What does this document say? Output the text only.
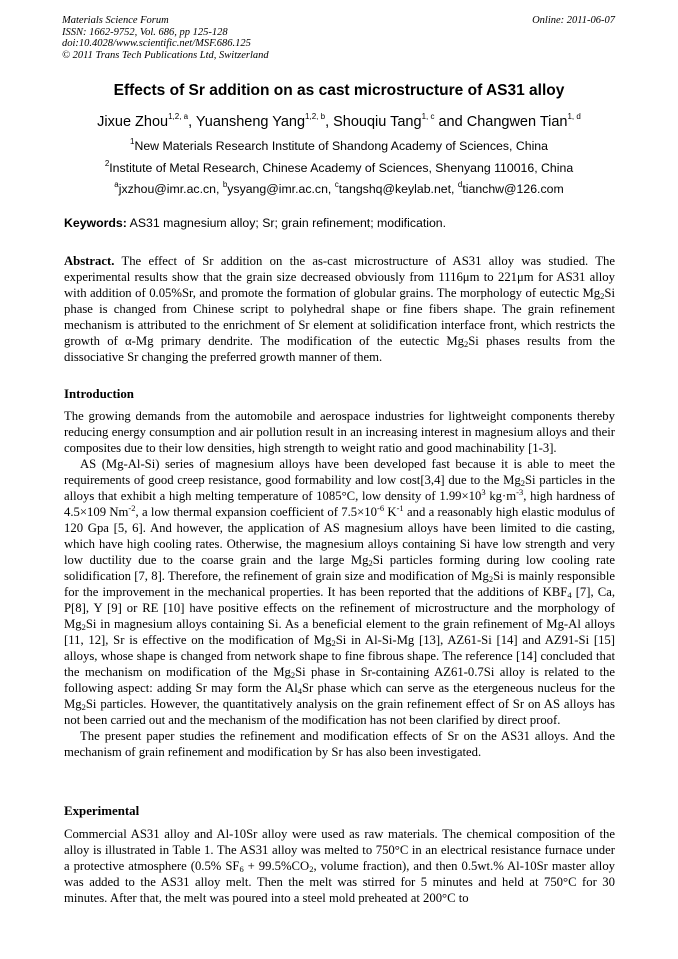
Materials Science Forum
ISSN: 1662-9752, Vol. 686, pp 125-128
doi:10.4028/www.scientific.net/MSF.686.125
© 2011 Trans Tech Publications Ltd, Switzerland
Online: 2011-06-07
Effects of Sr addition on as cast microstructure of AS31 alloy
Jixue Zhou$^{1,2, a}$, Yuansheng Yang$^{1,2, b}$, Shouqiu Tang$^{1, c}$ and Changwen Tian$^{1, d}$
$^1$New Materials Research Institute of Shandong Academy of Sciences, China
$^2$Institute of Metal Research, Chinese Academy of Sciences, Shenyang 110016, China
$^a$jxzhou@imr.ac.cn, $^b$ysyang@imr.ac.cn, $^c$tangshq@keylab.net, $^d$tianchw@126.com
Keywords: AS31 magnesium alloy; Sr; grain refinement; modification.
Abstract. The effect of Sr addition on the as-cast microstructure of AS31 alloy was studied. The experimental results show that the grain size decreased obviously from 1116μm to 221μm for AS31 alloy with addition of 0.05%Sr, and promote the formation of globular grains. The morphology of eutectic $Mg_2Si$ phase is changed from Chinese script to polyhedral shape or fine fibers shape. The grain refinement mechanism is attributed to the enrichment of Sr element at solidification interface front, which restricts the growth of α-Mg primary dendrite. The modification of the eutectic $Mg_2Si$ phases results from the dissociative Sr changing the preferred growth manner of them.
Introduction

The growing demands from the automobile and aerospace industries for lightweight components thereby reducing energy consumption and air pollution result in an increasing interest in magnesium alloys and their composites due to their low densities, high strength to weight ratio and good machinability [1-3].

AS (Mg-Al-Si) series of magnesium alloys have been developed fast because it is able to meet the requirements of good creep resistance, good formability and low cost[3,4] due to the $Mg_2Si$ particles in the alloys that exhibit a high melting temperature of 1085°C, low density of $1.99\times 10^3$ $kg\cdot m^{-3}$, high hardness of 4.5×109 $Nm^{-2}$, a low thermal expansion coefficient of $7.5\times 10^{-6}$ $K^{-1}$ and a reasonably high elastic modulus of 120 Gpa [5, 6]. And however, the application of AS magnesium alloys have been limited to die casting, which have high cooling rates. Otherwise, the magnesium alloys containing Si have low strength and very low ductility due to the coarse grain and the large $Mg_2Si$ particles forming during low cooling rate solidification [7, 8]. Therefore, the refinement of grain size and modification of $Mg_2Si$ is mainly responsible for the improvement in the mechanical properties. It has been reported that the additions of $KBF_4$ [7], Ca, P[8], Y [9] or RE [10] have positive effects on the refinement of microstructure and the morphology of $Mg_2Si$ in magnesium alloys containing Si. As a beneficial element to the grain refinement of Mg-Al alloys [11, 12], Sr is effective on the modification of $Mg_2Si$ in Al-Si-Mg [13], AZ61-Si [14] and AZ91-Si [15] alloys, whose shape is changed from network shape to fine fibrous shape. The reference [14] concluded that the mechanism on modification of the $Mg_2Si$ phase in Sr-containing AZ61-0.7Si alloy is related to the following aspect: adding Sr may form the $Al_4Sr$ phase which can serve as the etergeneous nucleus for the $Mg_2Si$ particles. However, the quantitatively analysis on the grain refinement effect of Sr on AS alloys has not been carried out and the mechanism of the modification has not been clarified by direct proof.

The present paper studies the refinement and modification effects of Sr on the AS31 alloys. And the mechanism of grain refinement and modification by Sr has also been investigated.

Experimental

Commercial AS31 alloy and Al-10Sr alloy were used as raw materials. The chemical composition of the alloy is illustrated in Table 1. The AS31 alloy was melted to 750°C in an electrical resistance furnace under a protective atmosphere (0.5% $SF_6 + 99.5\%CO_2$, volume fraction), and then 0.5wt.% Al-10Sr master alloy was added to the AS31 alloy melt. Then the melt was stirred for 5 minutes and held at 750°C for 30 minutes. After that, the melt was poured into a steel mold preheated at 200°C to
